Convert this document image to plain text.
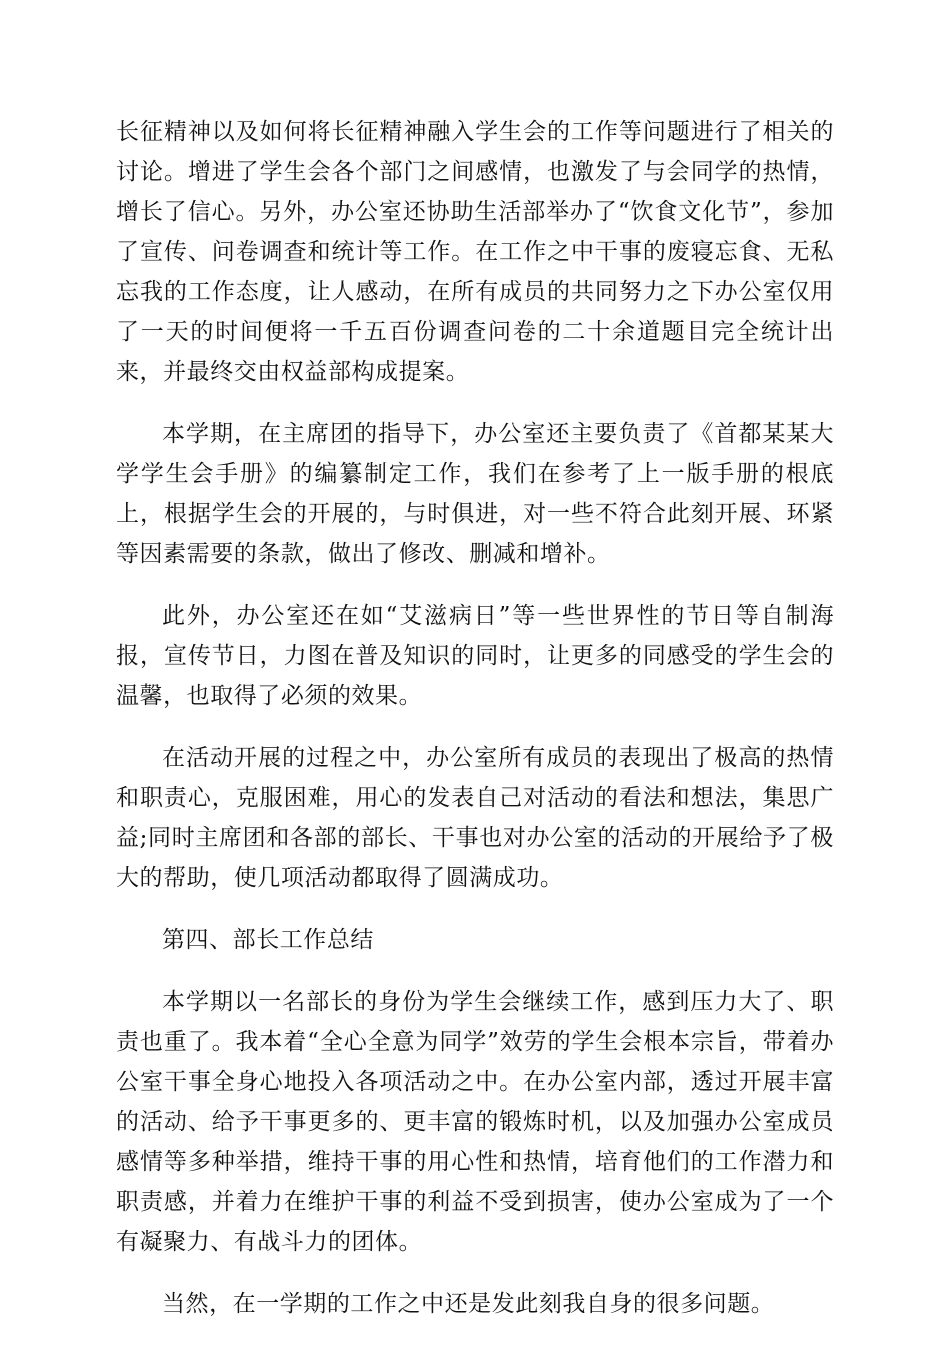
长征精神以及如何将长征精神融入学生会的工作等问题进行了相关的讨论。增进了学生会各个部门之间感情，也激发了与会同学的热情，增长了信心。另外，办公室还协助生活部举办了“饮食文化节”，参加了宣传、问卷调查和统计等工作。在工作之中干事的废寝忘食、无私忘我的工作态度，让人感动，在所有成员的共同努力之下办公室仅用了一天的时间便将一千五百份调查问卷的二十余道题目完全统计出来，并最终交由权益部构成提案。

本学期，在主席团的指导下，办公室还主要负责了《首都某某大学学生会手册》的编纂制定工作，我们在参考了上一版手册的根底上，根据学生会的开展的，与时俱进，对一些不符合此刻开展、环紧等因素需要的条款，做出了修改、删减和增补。

此外，办公室还在如“艾滋病日”等一些世界性的节日等自制海报，宣传节日，力图在普及知识的同时，让更多的同感受的学生会的温馨，也取得了必须的效果。

在活动开展的过程之中，办公室所有成员的表现出了极高的热情和职责心，克服困难，用心的发表自己对活动的看法和想法，集思广益;同时主席团和各部的部长、干事也对办公室的活动的开展给予了极大的帮助，使几项活动都取得了圆满成功。

第四、部长工作总结

本学期以一名部长的身份为学生会继续工作，感到压力大了、职责也重了。我本着“全心全意为同学”效劳的学生会根本宗旨，带着办公室干事全身心地投入各项活动之中。在办公室内部，透过开展丰富的活动、给予干事更多的、更丰富的锻炼时机，以及加强办公室成员感情等多种举措，维持干事的用心性和热情，培育他们的工作潜力和职责感，并着力在维护干事的利益不受到损害，使办公室成为了一个有凝聚力、有战斗力的团体。

当然，在一学期的工作之中还是发此刻我自身的很多问题。
